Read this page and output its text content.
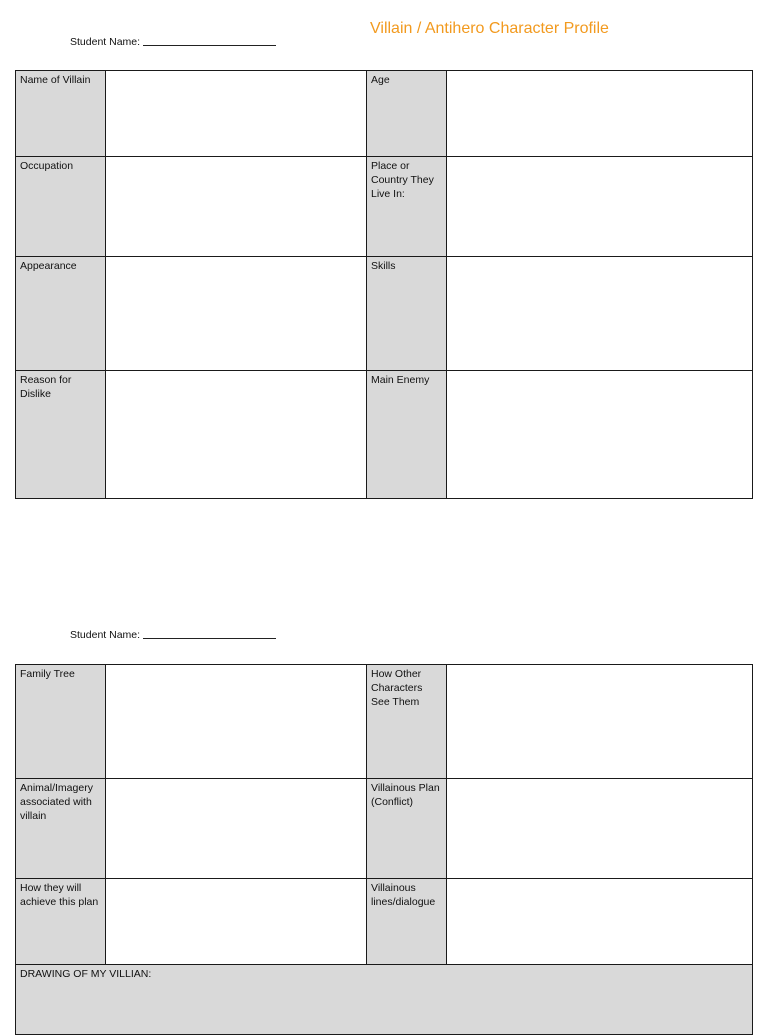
Student Name:
Villain / Antihero Character Profile
Name of Villain		Age	
Occupation		Place or Country They Live In:	
Appearance		Skills	
Reason for Dislike		Main Enemy	
Student Name:
Family Tree		How Other Characters See Them	
Animal/Imagery associated with villain		Villainous Plan (Conflict)	
How they will achieve this plan		Villainous lines/dialogue	
DRAWING OF MY VILLIAN:			
